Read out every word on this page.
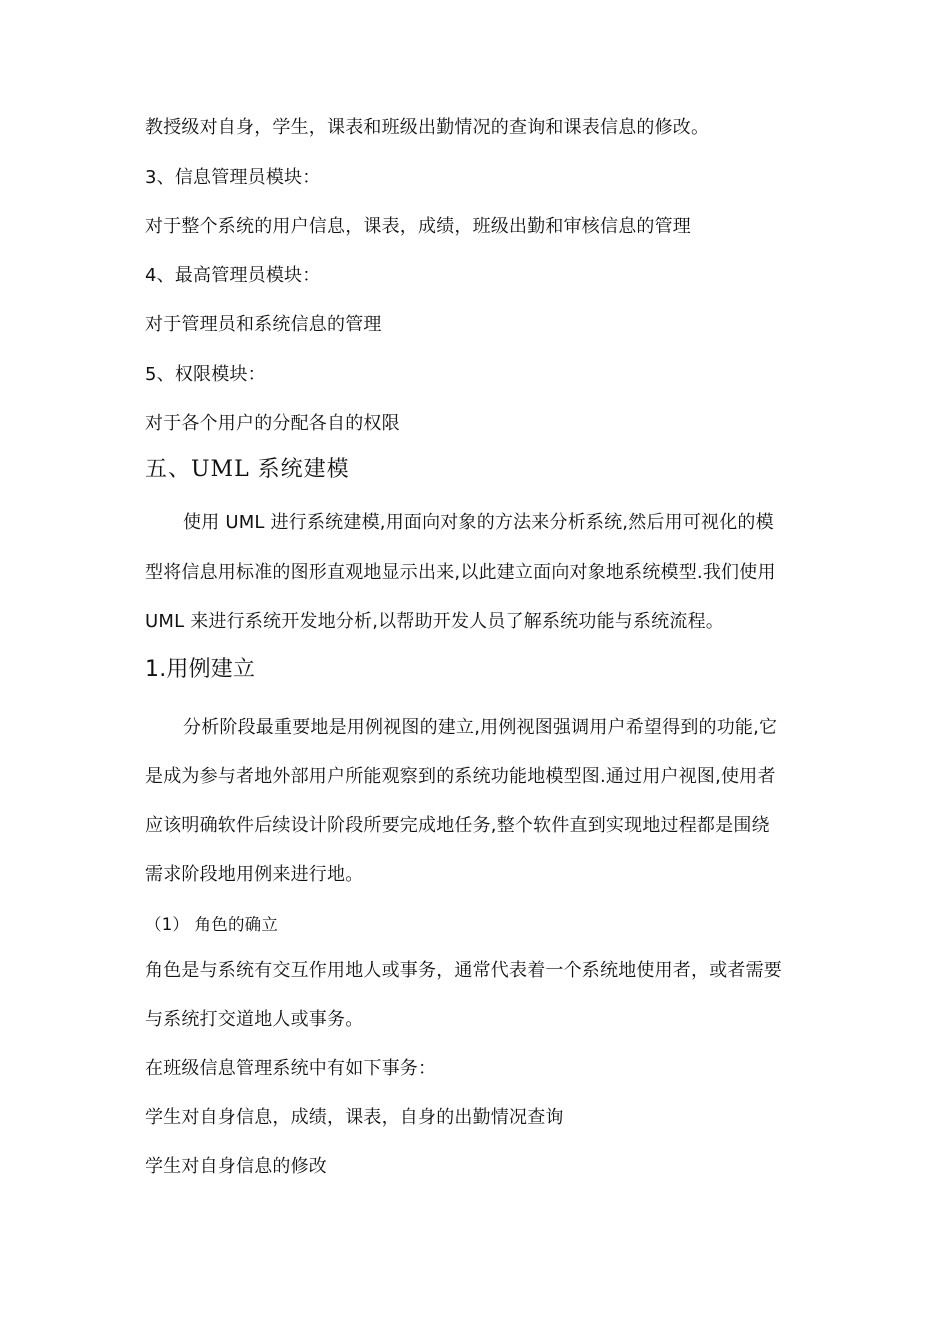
教授级对自身，学生，课表和班级出勤情况的查询和课表信息的修改。
3、信息管理员模块：
对于整个系统的用户信息，课表，成绩，班级出勤和审核信息的管理
4、最高管理员模块：
对于管理员和系统信息的管理
5、权限模块：
对于各个用户的分配各自的权限
五、UML 系统建模
使用 UML 进行系统建模,用面向对象的方法来分析系统,然后用可视化的模
型将信息用标准的图形直观地显示出来,以此建立面向对象地系统模型.我们使用
UML 来进行系统开发地分析,以帮助开发人员了解系统功能与系统流程。
1.用例建立
分析阶段最重要地是用例视图的建立,用例视图强调用户希望得到的功能,它
是成为参与者地外部用户所能观察到的系统功能地模型图.通过用户视图,使用者
应该明确软件后续设计阶段所要完成地任务,整个软件直到实现地过程都是围绕
需求阶段地用例来进行地。
（1） 角色的确立
角色是与系统有交互作用地人或事务，通常代表着一个系统地使用者，或者需要
与系统打交道地人或事务。
在班级信息管理系统中有如下事务：
学生对自身信息，成绩，课表，自身的出勤情况查询
学生对自身信息的修改
